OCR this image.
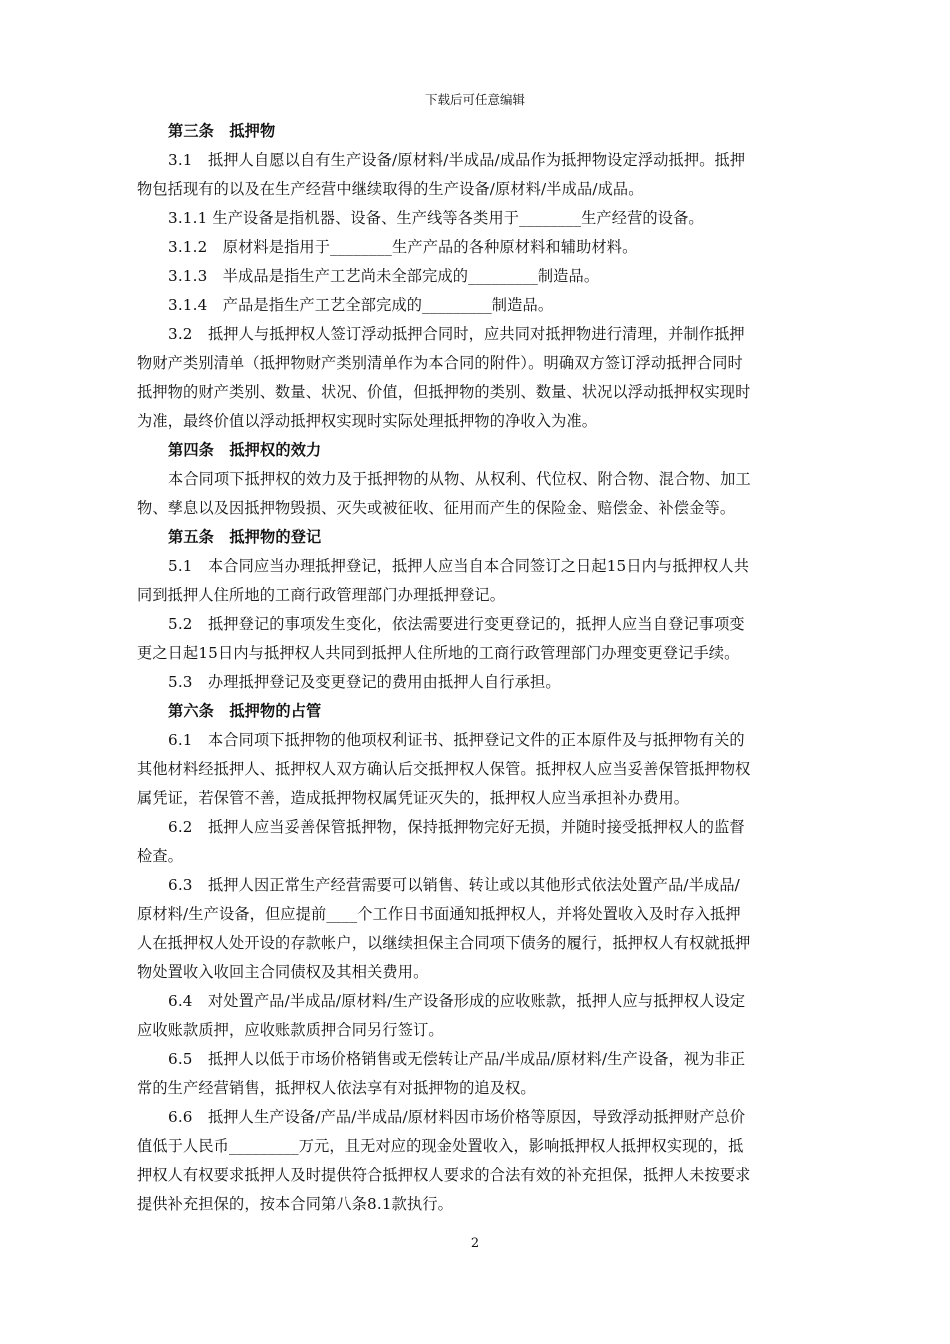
下载后可任意编辑
第三条　抵押物
3.1　抵押人自愿以自有生产设备/原材料/半成品/成品作为抵押物设定浮动抵押。抵押
物包括现有的以及在生产经营中继续取得的生产设备/原材料/半成品/成品。
3.1.1 生产设备是指机器、设备、生产线等各类用于________生产经营的设备。
3.1.2　原材料是指用于________生产产品的各种原材料和辅助材料。
3.1.3　半成品是指生产工艺尚未全部完成的_________制造品。
3.1.4　产品是指生产工艺全部完成的_________制造品。
3.2　抵押人与抵押权人签订浮动抵押合同时，应共同对抵押物进行清理，并制作抵押
物财产类别清单（抵押物财产类别清单作为本合同的附件）。明确双方签订浮动抵押合同时
抵押物的财产类别、数量、状况、价值，但抵押物的类别、数量、状况以浮动抵押权实现时
为准，最终价值以浮动抵押权实现时实际处理抵押物的净收入为准。
第四条　抵押权的效力
本合同项下抵押权的效力及于抵押物的从物、从权利、代位权、附合物、混合物、加工
物、孳息以及因抵押物毁损、灭失或被征收、征用而产生的保险金、赔偿金、补偿金等。
第五条　抵押物的登记
5.1　本合同应当办理抵押登记，抵押人应当自本合同签订之日起15日内与抵押权人共
同到抵押人住所地的工商行政管理部门办理抵押登记。
5.2　抵押登记的事项发生变化，依法需要进行变更登记的，抵押人应当自登记事项变
更之日起15日内与抵押权人共同到抵押人住所地的工商行政管理部门办理变更登记手续。
5.3　办理抵押登记及变更登记的费用由抵押人自行承担。
第六条　抵押物的占管
6.1　本合同项下抵押物的他项权利证书、抵押登记文件的正本原件及与抵押物有关的
其他材料经抵押人、抵押权人双方确认后交抵押权人保管。抵押权人应当妥善保管抵押物权
属凭证，若保管不善，造成抵押物权属凭证灭失的，抵押权人应当承担补办费用。
6.2　抵押人应当妥善保管抵押物，保持抵押物完好无损，并随时接受抵押权人的监督
检查。
6.3　抵押人因正常生产经营需要可以销售、转让或以其他形式依法处置产品/半成品/
原材料/生产设备，但应提前____个工作日书面通知抵押权人，并将处置收入及时存入抵押
人在抵押权人处开设的存款帐户，以继续担保主合同项下债务的履行，抵押权人有权就抵押
物处置收入收回主合同债权及其相关费用。
6.4　对处置产品/半成品/原材料/生产设备形成的应收账款，抵押人应与抵押权人设定
应收账款质押，应收账款质押合同另行签订。
6.5　抵押人以低于市场价格销售或无偿转让产品/半成品/原材料/生产设备，视为非正
常的生产经营销售，抵押权人依法享有对抵押物的追及权。
6.6　抵押人生产设备/产品/半成品/原材料因市场价格等原因，导致浮动抵押财产总价
值低于人民币_________万元，且无对应的现金处置收入，影响抵押权人抵押权实现的，抵
押权人有权要求抵押人及时提供符合抵押权人要求的合法有效的补充担保，抵押人未按要求
提供补充担保的，按本合同第八条8.1款执行。
2
